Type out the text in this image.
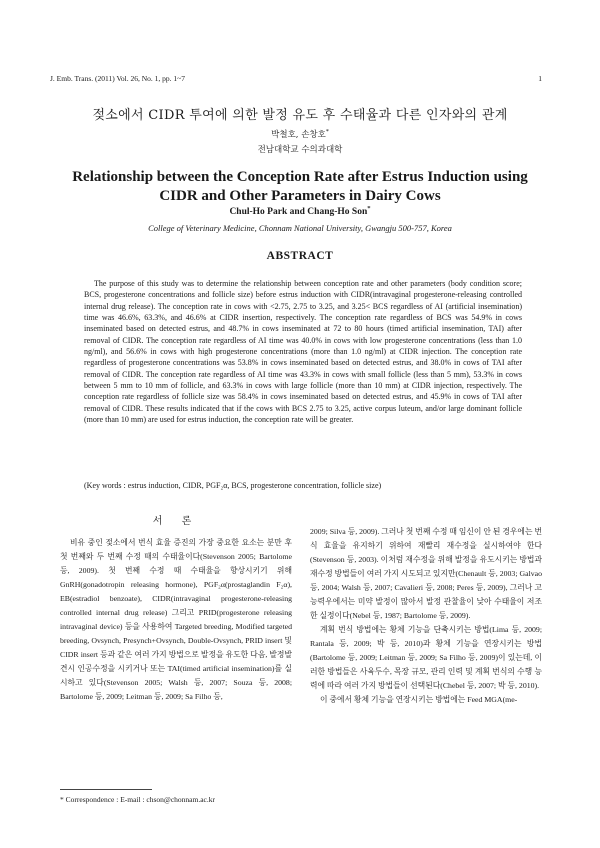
J. Emb. Trans. (2011) Vol. 26, No. 1, pp. 1~7	1
젖소에서 CIDR 투여에 의한 발정 유도 후 수태율과 다른 인자와의 관계
박철호, 손창호*
전남대학교 수의과대학
Relationship between the Conception Rate after Estrus Induction using CIDR and Other Parameters in Dairy Cows
Chul-Ho Park and Chang-Ho Son*
College of Veterinary Medicine, Chonnam National University, Gwangju 500-757, Korea
ABSTRACT

The purpose of this study was to determine the relationship between conception rate and other parameters (body condition score; BCS, progesterone concentrations and follicle size) before estrus induction with CIDR(intravaginal progesterone-releasing controlled internal drug release). The conception rate in cows with <2.75, 2.75 to 3.25, and 3.25< BCS regardless of AI (artificial insemination) time was 46.6%, 63.3%, and 46.6% at CIDR insertion, respectively. The conception rate regardless of BCS was 54.9% in cows inseminated based on detected estrus, and 48.7% in cows inseminated at 72 to 80 hours (timed artificial insemination, TAI) after removal of CIDR. The conception rate regardless of AI time was 40.0% in cows with low progesterone concentrations (less than 1.0 ng/ml), and 56.6% in cows with high progesterone concentrations (more than 1.0 ng/ml) at CIDR injection. The conception rate regardless of progesterone concentrations was 53.8% in cows inseminated based on detected estrus, and 38.0% in cows of TAI after removal of CIDR. The conception rate regardless of AI time was 43.3% in cows with small follicle (less than 5 mm), 53.3% in cows between 5 mm to 10 mm of follicle, and 63.3% in cows with large follicle (more than 10 mm) at CIDR injection, respectively. The conception rate regardless of follicle size was 58.4% in cows inseminated based on detected estrus, and 45.9% in cows of TAI after removal of CIDR. These results indicated that if the cows with BCS 2.75 to 3.25, active corpus luteum, and/or large dominant follicle (more than 10 mm) are used for estrus induction, the conception rate will be greater.

(Key words : estrus induction, CIDR, PGF₂α, BCS, progesterone concentration, follicle size)
서 론

비유 중인 젖소에서 번식 효율 증진의 가장 중요한 요소는 분만 후 첫 번째와 두 번째 수정 때의 수태율이다(Stevenson 2005; Bartolome 등, 2009). 첫 번째 수정 때 수태율을 향상시키기 위해 GnRH(gonadotropin releasing hormone), PGF₂α(prostaglandin F₂α), EB(estradiol benzoate), CIDR(intravaginal progesterone-releasing controlled internal drug release) 그리고 PRID(progesterone releasing intravaginal device) 등을 사용하여 Targeted breeding, Modified targeted breeding, Ovsynch, Presynch+Ovsynch, Double-Ovsynch, PRID insert 및 CIDR insert 등과 같은 여러 가지 방법으로 발정을 유도한 다음, 발정발견시 인공수정을 시키거나 또는 TAI(timed artificial insemination)를 실시하고 있다(Stevenson 2005; Walsh 등, 2007; Souza 등, 2008; Bartolome 등, 2009; Leitman 등, 2009; Sa Filho 등,

2009; Silva 등, 2009). 그러나 첫 번째 수정 때 임신이 안 된 경우에는 번식 효율을 유지하기 위하여 재빨리 재수정을 실시하여야 한다(Stevenson 등, 2003). 이처럼 재수정을 위해 발정을 유도시키는 방법과 재수정 방법들이 여러 가지 시도되고 있지만(Chenault 등, 2003; Galvao 등, 2004; Walsh 등, 2007; Cavalieri 등, 2008; Peres 등, 2009), 그러나 고능력우에서는 미약 발정이 많아서 발정 관찰율이 낮아 수태율이 저조한 실정이다(Nebel 등, 1987; Bartolome 등, 2009).

계획 번식 방법에는 황체 기능을 단축시키는 방법(Lima 등, 2009; Rantala 등, 2009; 박 등, 2010)과 황체 기능을 연장시키는 방법(Bartolome 등, 2009; Leitman 등, 2009; Sa Filho 등, 2009)이 있는데, 이러한 방법들은 사육두수, 목장 규모, 관리 인력 및 계획 번식의 수행 능력에 따라 여러 가지 방법들이 선택된다(Chebel 등, 2007; 박 등, 2010).

이 중에서 황체 기능을 연장시키는 방법에는 Feed MGA(me-

* Correspondence : E-mail : chson@chonnam.ac.kr
